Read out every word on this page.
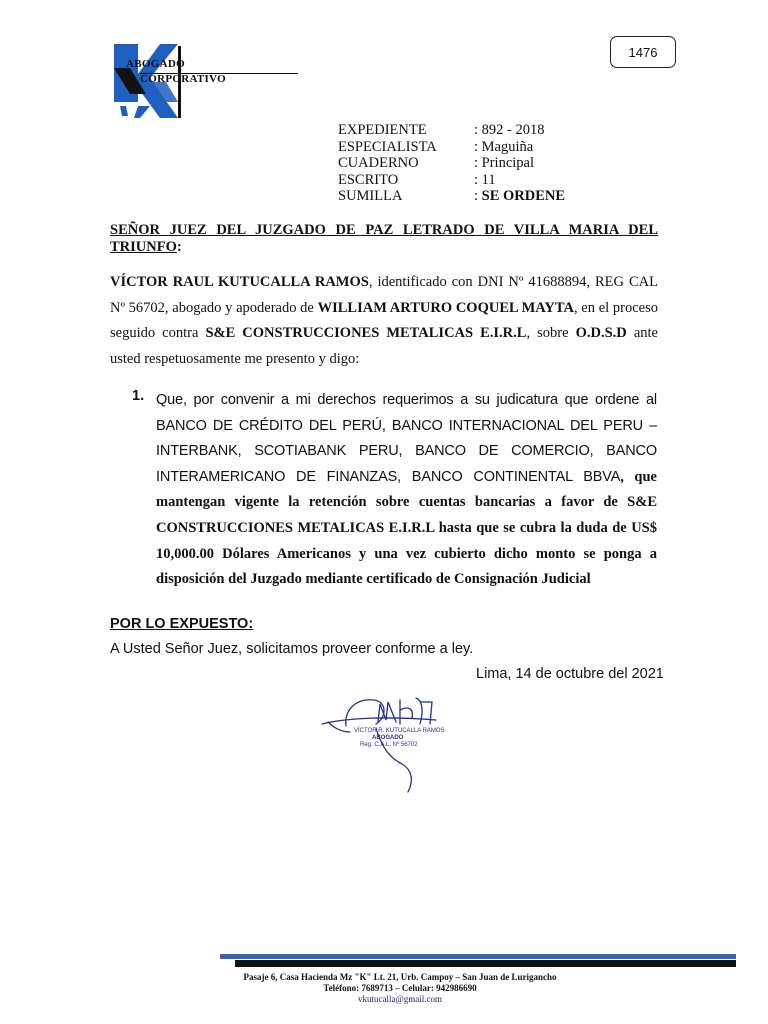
1476
ABOGADO
CORPORATIVO
EXPEDIENTE	: 892 - 2018
ESPECIALISTA	: Maguiña
CUADERNO	: Principal
ESCRITO	: 11
SUMILLA	: SE ORDENE
SEÑOR JUEZ DEL JUZGADO DE PAZ LETRADO DE VILLA MARIA DEL TRIUNFO:
VÍCTOR RAUL KUTUCALLA RAMOS, identificado con DNI Nº 41688894, REG CAL Nº 56702, abogado y apoderado de WILLIAM ARTURO COQUEL MAYTA, en el proceso seguido contra S&E CONSTRUCCIONES METALICAS E.I.R.L, sobre O.D.S.D ante usted respetuosamente me presento y digo:
1. Que, por convenir a mi derechos requerimos a su judicatura que ordene al BANCO DE CRÉDITO DEL PERÚ, BANCO INTERNACIONAL DEL PERU – INTERBANK, SCOTIABANK PERU, BANCO DE COMERCIO, BANCO INTERAMERICANO DE FINANZAS, BANCO CONTINENTAL BBVA, que mantengan vigente la retención sobre cuentas bancarias a favor de S&E CONSTRUCCIONES METALICAS E.I.R.L hasta que se cubra la duda de US$ 10,000.00 Dólares Americanos y una vez cubierto dicho monto se ponga a disposición del Juzgado mediante certificado de Consignación Judicial
POR LO EXPUESTO:
A Usted Señor Juez, solicitamos proveer conforme a ley.
Lima, 14 de octubre del 2021
VÍCTOR R. KUTUCALLA RAMOS
ABOGADO
Reg. C.A.L. Nº 56702
Pasaje 6, Casa Hacienda Mz "K" Lt. 21, Urb. Campoy – San Juan de Lurigancho
Teléfono: 7689713 – Celular: 942986690
vkutucalla@gmail.com
